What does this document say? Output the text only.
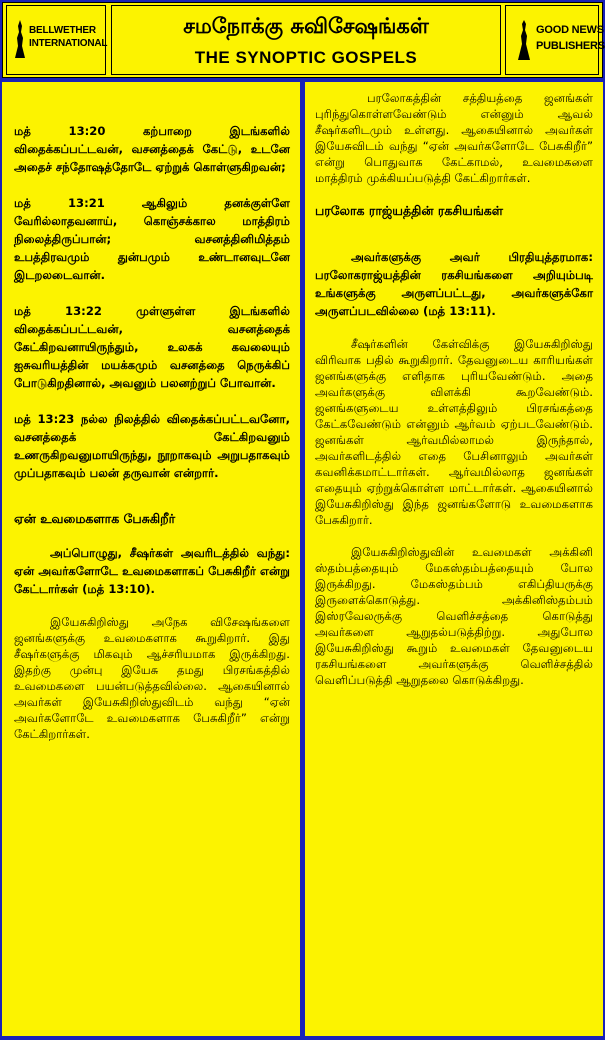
BELLWETHER INTERNATIONAL
சமநோக்கு சுவிசேஷங்கள்
THE SYNOPTIC GOSPELS
GOOD NEWS PUBLISHERS

மத் 13:20 கற்பாறை இடங்களில் விதைக்கப்பட்டவன், வசனத்தைக் கேட்டு, உடனே அதைச் சந்தோஷத்தோடே ஏற்றுக் கொள்ளுகிறவன்;

மத் 13:21 ஆகிலும் தனக்குள்ளே வேரில்லாதவனாய், கொஞ்சக்கால மாத்திரம் நிலைத்திருப்பான்; வசனத்தினிமித்தம் உபத்திரவமும் துன்பமும் உண்டானவுடனே இடறலடைவான்.

மத் 13:22 முள்ளுள்ள இடங்களில் விதைக்கப்பட்டவன், வசனத்தைக் கேட்கிறவனாயிருந்தும், உலகக் கவலையும் ஐசுவரியத்தின் மயக்கமும் வசனத்தை நெருக்கிப் போடுகிறதினால், அவனும் பலனற்றுப் போவான்.

மத் 13:23 நல்ல நிலத்தில் விதைக்கப்பட்டவனோ, வசனத்தைக் கேட்கிறவனும் உணருகிறவனுமாயிருந்து, நூறாகவும் அறுபதாகவும் முப்பதாகவும் பலன் தருவான் என்றார்.

ஏன் உவமைகளாக பேசுகிறீர்

அப்பொழுது, சீஷர்கள் அவரிடத்தில் வந்து: ஏன் அவர்களோடே உவமைகளாகப் பேசுகிறீர் என்று கேட்டார்கள் (மத் 13:10).

இயேசுகிறிஸ்து அநேக விசேஷங்களை ஜனங்களுக்கு உவமைகளாக கூறுகிறார். இது சீஷர்களுக்கு மிகவும் ஆச்சரியமாக இருக்கிறது. இதற்கு முன்பு இயேசு தமது பிரசங்கத்தில் உவமைகளை பயன்படுத்தவில்லை. ஆகையினால் அவர்கள் இயேசுகிறிஸ்துவிடம் வந்து “ஏன் அவர்களோடே உவமைகளாக பேசுகிறீர்” என்று கேட்கிறார்கள்.

பரலோகத்தின் சத்தியத்தை ஜனங்கள் புரிந்துகொள்ளவேண்டும் என்னும் ஆவல் சீஷர்களிடமும் உள்ளது. ஆகையினால் அவர்கள் இயேசுவிடம் வந்து “ஏன் அவர்களோடே பேசுகிறீர்” என்று பொதுவாக கேட்காமல், உவமைகளை மாத்திரம் முக்கியப்படுத்தி கேட்கிறார்கள்.

பரலோக ராஜ்யத்தின் ரகசியங்கள்

அவர்களுக்கு அவர் பிரதியுத்தரமாக: பரலோகராஜ்யத்தின் ரகசியங்களை அறியும்படி உங்களுக்கு அருளப்பட்டது, அவர்களுக்கோ அருளப்படவில்லை (மத் 13:11).

சீஷர்களின் கேள்விக்கு இயேசுகிறிஸ்து விரிவாக பதில் கூறுகிறார். தேவனுடைய காரியங்கள் ஜனங்களுக்கு எளிதாக புரியவேண்டும். அதை அவர்களுக்கு விளக்கி கூறவேண்டும். ஜனங்களுடைய உள்ளத்திலும் பிரசங்கத்தை கேட்கவேண்டும் என்னும் ஆர்வம் ஏற்படவேண்டும். ஜனங்கள் ஆர்வமில்லாமல் இருந்தால், அவர்களிடத்தில் எதை பேசினாலும் அவர்கள் கவனிக்கமாட்டார்கள். ஆர்வமில்லாத ஜனங்கள் எதையும் ஏற்றுக்கொள்ள மாட்டார்கள். ஆகையினால் இயேசுகிறிஸ்து இந்த ஜனங்களோடு உவமைகளாக பேசுகிறார்.

இயேசுகிறிஸ்துவின் உவமைகள் அக்கினி ஸ்தம்பத்தையும் மேகஸ்தம்பத்தையும் போல இருக்கிறது. மேகஸ்தம்பம் எகிப்தியருக்கு இருளைக்கொடுத்து. அக்கினிஸ்தம்பம் இஸ்ரவேலருக்கு வெளிச்சத்தை கொடுத்து அவர்களை ஆறுதல்படுத்திற்று. அதுபோல இயேசுகிறிஸ்து கூறும் உவமைகள் தேவனுடைய ரகசியங்களை அவர்களுக்கு வெளிச்சத்தில் வெளிப்படுத்தி ஆறுதலை கொடுக்கிறது.
